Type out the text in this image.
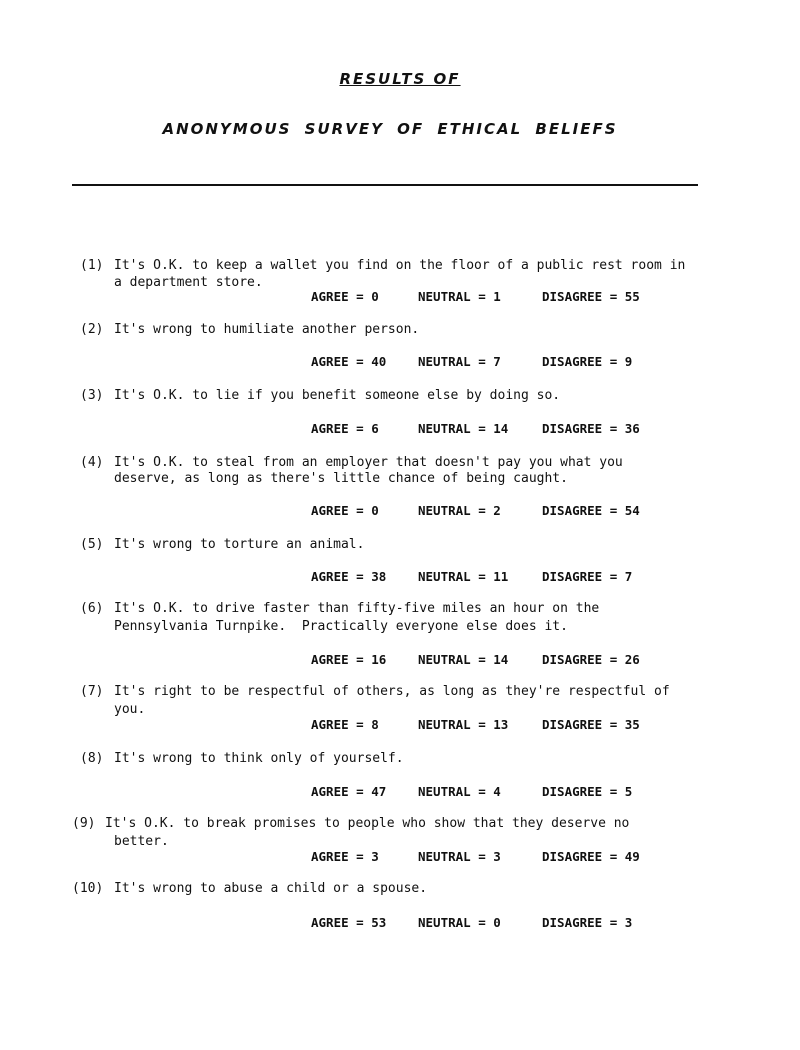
RESULTS OF
ANONYMOUS SURVEY OF ETHICAL BELIEFS
(1) It's O.K. to keep a wallet you find on the floor of a public rest room in
a department store.

AGREE = 0

	NEUTRAL = 1

	DISAGREE = 55

(2) It's wrong to humiliate another person.

AGREE = 40

	NEUTRAL = 7

	DISAGREE = 9

(3) It's O.K. to lie if you benefit someone else by doing so.

AGREE = 6

	NEUTRAL = 14

	DISAGREE = 36

(4) It's O.K. to steal from an employer that doesn't pay you what you
deserve, as long as there's little chance of being caught.

AGREE = 0

	NEUTRAL = 2

	DISAGREE = 54

(5) It's wrong to torture an animal.

AGREE = 38

	NEUTRAL = 11

	DISAGREE = 7

(6) It's O.K. to drive faster than fifty-five miles an hour on the
Pennsylvania Turnpike.  Practically everyone else does it.

AGREE = 16

	NEUTRAL = 14

	DISAGREE = 26

(7) It's right to be respectful of others, as long as they're respectful of
you.

AGREE = 8

	NEUTRAL = 13

	DISAGREE = 35

(8) It's wrong to think only of yourself.

AGREE = 47

	NEUTRAL = 4

	DISAGREE = 5

(9) It's O.K. to break promises to people who show that they deserve no
better.

AGREE = 3

	NEUTRAL = 3

	DISAGREE = 49

(10) It's wrong to abuse a child or a spouse.

AGREE = 53

	NEUTRAL = 0

	DISAGREE = 3
